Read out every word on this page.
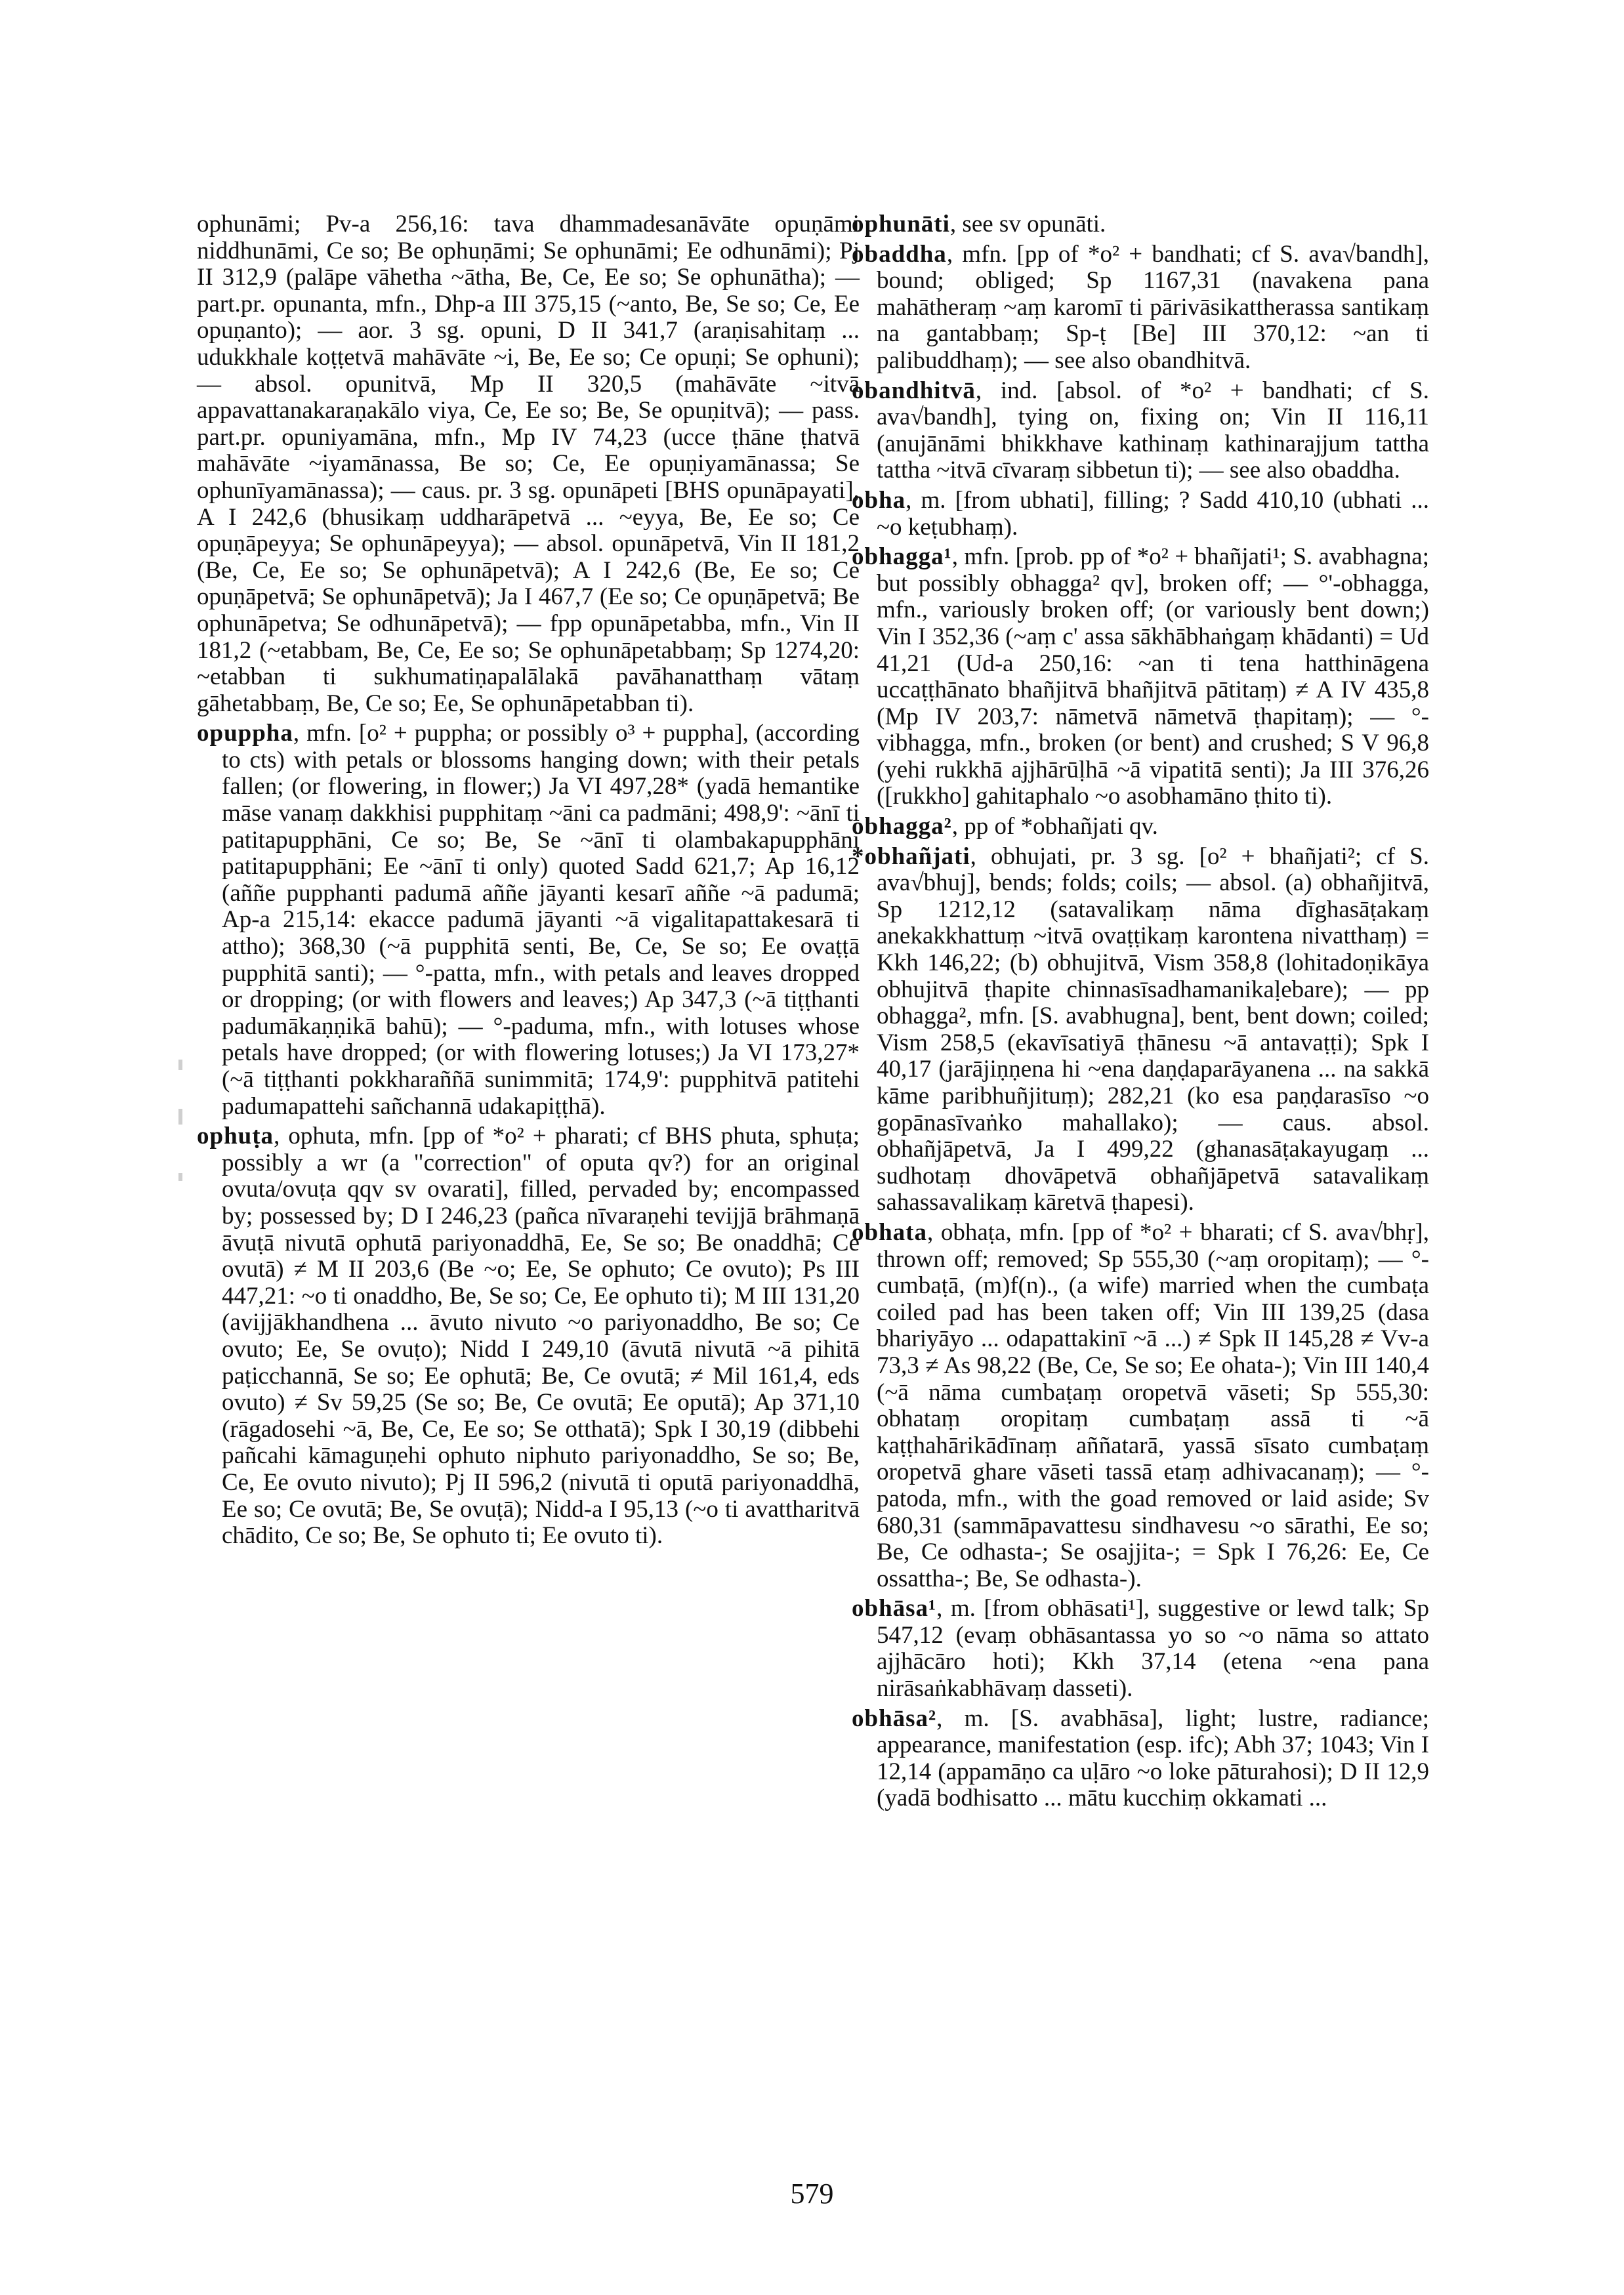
ophunāmi; Pv-a 256,16: tava dhammadesanāvāte opuṇāmi niddhunāmi, Ce so; Be ophuṇāmi; Se ophunāmi; Ee odhunāmi); Pj II 312,9 (palāpe vāhetha ~ātha, Be, Ce, Ee so; Se ophunātha); — part.pr. opunanta, mfn., Dhp-a III 375,15 (~anto, Be, Se so; Ce, Ee opuṇanto); — aor. 3 sg. opuni, D II 341,7 (araṇisahitaṃ ... udukkhale koṭṭetvā mahāvāte ~i, Be, Ee so; Ce opuṇi; Se ophuni); — absol. opunitvā, Mp II 320,5 (mahāvāte ~itvā appavattanakaraṇakālo viya, Ce, Ee so; Be, Se opuṇitvā); — pass. part.pr. opuniyamāna, mfn., Mp IV 74,23 (ucce ṭhāne ṭhatvā mahāvāte ~iyamānassa, Be so; Ce, Ee opuṇiyamānassa; Se ophunīyamānassa); — caus. pr. 3 sg. opunāpeti [BHS opunāpayati], A I 242,6 (bhusikaṃ uddharāpetvā ... ~eyya, Be, Ee so; Ce opuṇāpeyya; Se ophunāpeyya); — absol. opunāpetvā, Vin II 181,2 (Be, Ce, Ee so; Se ophunāpetvā); A I 242,6 (Be, Ee so; Ce opuṇāpetvā; Se ophunāpetvā); Ja I 467,7 (Ee so; Ce opuṇāpetvā; Be ophunāpetva; Se odhunāpetvā); — fpp opunāpetabba, mfn., Vin II 181,2 (~etabbam, Be, Ce, Ee so; Se ophunāpetabbaṃ; Sp 1274,20: ~etabban ti sukhumatiṇapalālakā pavāhanatthaṃ vātaṃ gāhetabbaṃ, Be, Ce so; Ee, Se ophunāpetabban ti).

opuppha, mfn. [o² + puppha; or possibly o³ + puppha], (according to cts) with petals or blossoms hanging down; with their petals fallen; (or flowering, in flower;) Ja VI 497,28* (yadā hemantike māse vanaṃ dakkhisi pupphitaṃ ~āni ca padmāni; 498,9': ~ānī ti patitapupphāni, Ce so; Be, Se ~ānī ti olambakapupphāni patitapupphāni; Ee ~ānī ti only) quoted Sadd 621,7; Ap 16,12 (aññe pupphanti padumā aññe jāyanti kesarī aññe ~ā padumā; Ap-a 215,14: ekacce padumā jāyanti ~ā vigalitapattakesarā ti attho); 368,30 (~ā pupphitā senti, Be, Ce, Se so; Ee ovaṭṭā pupphitā santi); — °-patta, mfn., with petals and leaves dropped or dropping; (or with flowers and leaves;) Ap 347,3 (~ā tiṭṭhanti padumākaṇṇikā bahū); — °-paduma, mfn., with lotuses whose petals have dropped; (or with flowering lotuses;) Ja VI 173,27* (~ā tiṭṭhanti pokkharaññā sunimmitā; 174,9': pupphitvā patitehi padumapattehi sañchannā udakapiṭṭhā).

ophuṭa, ophuta, mfn. [pp of *o² + pharati; cf BHS phuta, sphuṭa; possibly a wr (a "correction" of oputa qv?) for an original ovuta/ovuṭa qqv sv ovarati], filled, pervaded by; encompassed by; possessed by; D I 246,23 (pañca nīvaraṇehi tevijjā brāhmaṇā āvuṭā nivutā ophutā pariyonaddhā, Ee, Se so; Be onaddhā; Ce ovutā) ≠ M II 203,6 (Be ~o; Ee, Se ophuto; Ce ovuto); Ps III 447,21: ~o ti onaddho, Be, Se so; Ce, Ee ophuto ti); M III 131,20 (avijjākhandhena ... āvuto nivuto ~o pariyonaddho, Be so; Ce ovuto; Ee, Se ovuṭo); Nidd I 249,10 (āvutā nivutā ~ā pihitā paṭicchannā, Se so; Ee ophutā; Be, Ce ovutā; ≠ Mil 161,4, eds ovuto) ≠ Sv 59,25 (Se so; Be, Ce ovutā; Ee oputā); Ap 371,10 (rāgadosehi ~ā, Be, Ce, Ee so; Se otthatā); Spk I 30,19 (dibbehi pañcahi kāmaguṇehi ophuto niphuto pariyonaddho, Se so; Be, Ce, Ee ovuto nivuto); Pj II 596,2 (nivutā ti oputā pariyonaddhā, Ee so; Ce ovutā; Be, Se ovuṭā); Nidd-a I 95,13 (~o ti avattharitvā chādito, Ce so; Be, Se ophuto ti; Ee ovuto ti).

ophunāti, see sv opunāti.

obaddha, mfn. [pp of *o² + bandhati; cf S. ava√bandh], bound; obliged; Sp 1167,31 (navakena pana mahātheraṃ ~aṃ karomī ti pārivāsikattherassa santikaṃ na gantabbaṃ; Sp-ṭ [Be] III 370,12: ~an ti palibuddhaṃ); — see also obandhitvā.

obandhitvā, ind. [absol. of *o² + bandhati; cf S. ava√bandh], tying on, fixing on; Vin II 116,11 (anujānāmi bhikkhave kathinaṃ kathinarajjum tattha tattha ~itvā cīvaraṃ sibbetun ti); — see also obaddha.

obha, m. [from ubhati], filling; ? Sadd 410,10 (ubhati ... ~o keṭubhaṃ).

obhagga¹, mfn. [prob. pp of *o² + bhañjati¹; S. avabhagna; but possibly obhagga² qv], broken off; — °'-obhagga, mfn., variously broken off; (or variously bent down;) Vin I 352,36 (~aṃ c' assa sākhābhaṅgaṃ khādanti) = Ud 41,21 (Ud-a 250,16: ~an ti tena hatthināgena uccaṭṭhānato bhañjitvā bhañjitvā pātitaṃ) ≠ A IV 435,8 (Mp IV 203,7: nāmetvā nāmetvā ṭhapitaṃ); — °-vibhagga, mfn., broken (or bent) and crushed; S V 96,8 (yehi rukkhā ajjhārūḷhā ~ā vipatitā senti); Ja III 376,26 ([rukkho] gahitaphalo ~o asobhamāno ṭhito ti).

obhagga², pp of *obhañjati qv.

*obhañjati, obhujati, pr. 3 sg. [o² + bhañjati²; cf S. ava√bhuj], bends; folds; coils; — absol. (a) obhañjitvā, Sp 1212,12 (satavalikaṃ nāma dīghasāṭakaṃ anekakkhattuṃ ~itvā ovaṭṭikaṃ karontena nivatthaṃ) = Kkh 146,22; (b) obhujitvā, Vism 358,8 (lohitadoṇikāya obhujitvā ṭhapite chinnasīsadhamanikaḷebare); — pp obhagga², mfn. [S. avabhugna], bent, bent down; coiled; Vism 258,5 (ekavīsatiyā ṭhānesu ~ā antavaṭṭi); Spk I 40,17 (jarājiṇṇena hi ~ena daṇḍaparāyanena ... na sakkā kāme paribhuñjituṃ); 282,21 (ko esa paṇḍarasīso ~o gopānasīvaṅko mahallako); — caus. absol. obhañjāpetvā, Ja I 499,22 (ghanasāṭakayugaṃ ... sudhotaṃ dhovāpetvā obhañjāpetvā satavalikaṃ sahassavalikaṃ kāretvā ṭhapesi).

obhata, obhaṭa, mfn. [pp of *o² + bharati; cf S. ava√bhṛ], thrown off; removed; Sp 555,30 (~aṃ oropitaṃ); — °-cumbaṭā, (m)f(n)., (a wife) married when the cumbaṭa coiled pad has been taken off; Vin III 139,25 (dasa bhariyāyo ... odapattakinī ~ā ...) ≠ Spk II 145,28 ≠ Vv-a 73,3 ≠ As 98,22 (Be, Ce, Se so; Ee ohata-); Vin III 140,4 (~ā nāma cumbaṭaṃ oropetvā vāseti; Sp 555,30: obhataṃ oropitaṃ cumbaṭaṃ assā ti ~ā kaṭṭhahārikādīnaṃ aññatarā, yassā sīsato cumbaṭaṃ oropetvā ghare vāseti tassā etaṃ adhivacanaṃ); — °-patoda, mfn., with the goad removed or laid aside; Sv 680,31 (sammāpavattesu sindhavesu ~o sārathi, Ee so; Be, Ce odhasta-; Se osajjita-; = Spk I 76,26: Ee, Ce ossattha-; Be, Se odhasta-).

obhāsa¹, m. [from obhāsati¹], suggestive or lewd talk; Sp 547,12 (evaṃ obhāsantassa yo so ~o nāma so attato ajjhācāro hoti); Kkh 37,14 (etena ~ena pana nirāsaṅkabhāvaṃ dasseti).

obhāsa², m. [S. avabhāsa], light; lustre, radiance; appearance, manifestation (esp. ifc); Abh 37; 1043; Vin I 12,14 (appamāṇo ca uḷāro ~o loke pāturahosi); D II 12,9 (yadā bodhisatto ... mātu kucchiṃ okkamati ...

579
